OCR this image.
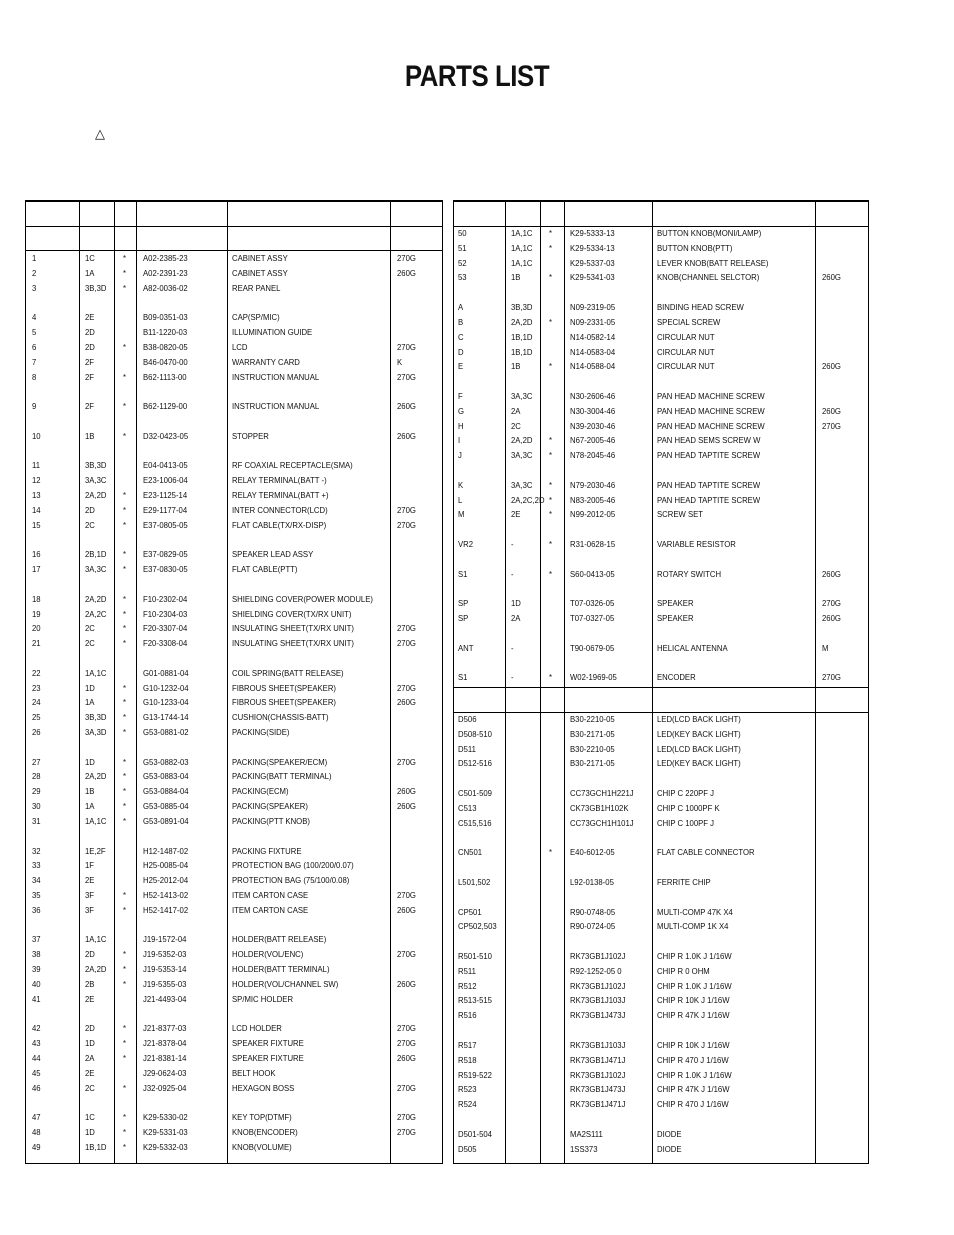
PARTS LIST
△
1	1C	* A02-2385-23	CABINET ASSY	270G
2	1A	* A02-2391-23	CABINET ASSY	260G
3	3B,3D * A82-0036-02	REAR PANEL
4	2E	B09-0351-03	CAP(SP/MIC)
5	2D	B11-1220-03	ILLUMINATION GUIDE
6	2D	* B38-0820-05	LCD	270G
7	2F	B46-0470-00	WARRANTY CARD	K
8	2F	* B62-1113-00	INSTRUCTION MANUAL	270G
9	2F	* B62-1129-00	INSTRUCTION MANUAL	260G
10	1B	* D32-0423-05	STOPPER	260G
11	3B,3D	E04-0413-05	RF COAXIAL RECEPTACLE(SMA)
12	3A,3C	E23-1006-04	RELAY TERMINAL(BATT -)
13	2A,2D * E23-1125-14	RELAY TERMINAL(BATT +)
14	2D	* E29-1177-04	INTER CONNECTOR(LCD)	270G
15	2C	* E37-0805-05	FLAT CABLE(TX/RX-DISP)	270G
16	2B,1D * E37-0829-05	SPEAKER LEAD ASSY
17	3A,3C * E37-0830-05	FLAT CABLE(PTT)
18	2A,2D * F10-2302-04	SHIELDING COVER(POWER MODULE)
19	2A,2C * F10-2304-03	SHIELDING COVER(TX/RX UNIT)
20	2C	* F20-3307-04	INSULATING SHEET(TX/RX UNIT)	270G
21	2C	* F20-3308-04	INSULATING SHEET(TX/RX UNIT)	270G
22	1A,1C	G01-0881-04	COIL SPRING(BATT RELEASE)
23	1D	* G10-1232-04	FIBROUS SHEET(SPEAKER)	270G
24	1A	* G10-1233-04	FIBROUS SHEET(SPEAKER)	260G
25	3B,3D * G13-1744-14	CUSHION(CHASSIS-BATT)
26	3A,3D * G53-0881-02	PACKING(SIDE)
27	1D	* G53-0882-03	PACKING(SPEAKER/ECM)	270G
28	2A,2D * G53-0883-04	PACKING(BATT TERMINAL)
29	1B	* G53-0884-04	PACKING(ECM)	260G
30	1A	* G53-0885-04	PACKING(SPEAKER)	260G
31	1A,1C * G53-0891-04	PACKING(PTT KNOB)
32	1E,2F	H12-1487-02	PACKING FIXTURE
33	1F	H25-0085-04	PROTECTION BAG (100/200/0.07)
34	2E	H25-2012-04	PROTECTION BAG (75/100/0.08)
35	3F	* H52-1413-02	ITEM CARTON CASE	270G
36	3F	* H52-1417-02	ITEM CARTON CASE	260G
37	1A,1C	J19-1572-04	HOLDER(BATT RELEASE)
38	2D	* J19-5352-03	HOLDER(VOL/ENC)	270G
39	2A,2D * J19-5353-14	HOLDER(BATT TERMINAL)
40	2B	* J19-5355-03	HOLDER(VOL/CHANNEL SW)	260G
41	2E	J21-4493-04	SP/MIC HOLDER
42	2D	* J21-8377-03	LCD HOLDER	270G
43	1D	* J21-8378-04	SPEAKER FIXTURE	270G
44	2A	* J21-8381-14	SPEAKER FIXTURE	260G
45	2E	J29-0624-03	BELT HOOK
46	2C	* J32-0925-04	HEXAGON BOSS	270G
47	1C	* K29-5330-02	KEY TOP(DTMF)	270G
48	1D	* K29-5331-03	KNOB(ENCODER)	270G
49	1B,1D * K29-5332-03	KNOB(VOLUME)
50	1A,1C * K29-5333-13	BUTTON KNOB(MONI/LAMP)
51	1A,1C * K29-5334-13	BUTTON KNOB(PTT)
52	1A,1C	K29-5337-03	LEVER KNOB(BATT RELEASE)
53	1B	* K29-5341-03	KNOB(CHANNEL SELCTOR)	260G
A	3B,3D	N09-2319-05	BINDING HEAD SCREW
B	2A,2D * N09-2331-05	SPECIAL SCREW
C	1B,1D	N14-0582-14	CIRCULAR NUT
D	1B,1D	N14-0583-04	CIRCULAR NUT
E	1B	* N14-0588-04	CIRCULAR NUT	260G
F	3A,3C	N30-2606-46	PAN HEAD MACHINE SCREW
G	2A	N30-3004-46	PAN HEAD MACHINE SCREW	260G
H	2C	N39-2030-46	PAN HEAD MACHINE SCREW	270G
I	2A,2D * N67-2005-46	PAN HEAD SEMS SCREW W
J	3A,3C * N78-2045-46	PAN HEAD TAPTITE SCREW
K	3A,3C * N79-2030-46	PAN HEAD TAPTITE SCREW
L	2A,2C,2D * N83-2005-46	PAN HEAD TAPTITE SCREW
M	2E	* N99-2012-05	SCREW SET
VR2	-	* R31-0628-15	VARIABLE RESISTOR
S1	-	* S60-0413-05	ROTARY SWITCH	260G
SP	1D	T07-0326-05	SPEAKER	270G
SP	2A	T07-0327-05	SPEAKER	260G
ANT	-	T90-0679-05	HELICAL ANTENNA	M
S1	-	* W02-1969-05	ENCODER	270G
D506	B30-2210-05	LED(LCD BACK LIGHT)
D508-510	B30-2171-05	LED(KEY BACK LIGHT)
D511	B30-2210-05	LED(LCD BACK LIGHT)
D512-516	B30-2171-05	LED(KEY BACK LIGHT)
C501-509	CC73GCH1H221J	CHIP C 220PF J
C513	CK73GB1H102K	CHIP C 1000PF K
C515,516	CC73GCH1H101J	CHIP C 100PF J
CN501	* E40-6012-05	FLAT CABLE CONNECTOR
L501,502	L92-0138-05	FERRITE CHIP
CP501	R90-0748-05	MULTI-COMP 47K X4
CP502,503	R90-0724-05	MULTI-COMP 1K X4
R501-510	RK73GB1J102J	CHIP R 1.0K J 1/16W
R511	R92-1252-05 0	CHIP R 0 OHM
R512	RK73GB1J102J	CHIP R 1.0K J 1/16W
R513-515	RK73GB1J103J	CHIP R 10K J 1/16W
R516	RK73GB1J473J	CHIP R 47K J 1/16W
R517	RK73GB1J103J	CHIP R 10K J 1/16W
R518	RK73GB1J471J	CHIP R 470 J 1/16W
R519-522	RK73GB1J102J	CHIP R 1.0K J 1/16W
R523	RK73GB1J473J	CHIP R 47K J 1/16W
R524	RK73GB1J471J	CHIP R 470 J 1/16W
D501-504	MA2S111	DIODE
D505	1SS373	DIODE
